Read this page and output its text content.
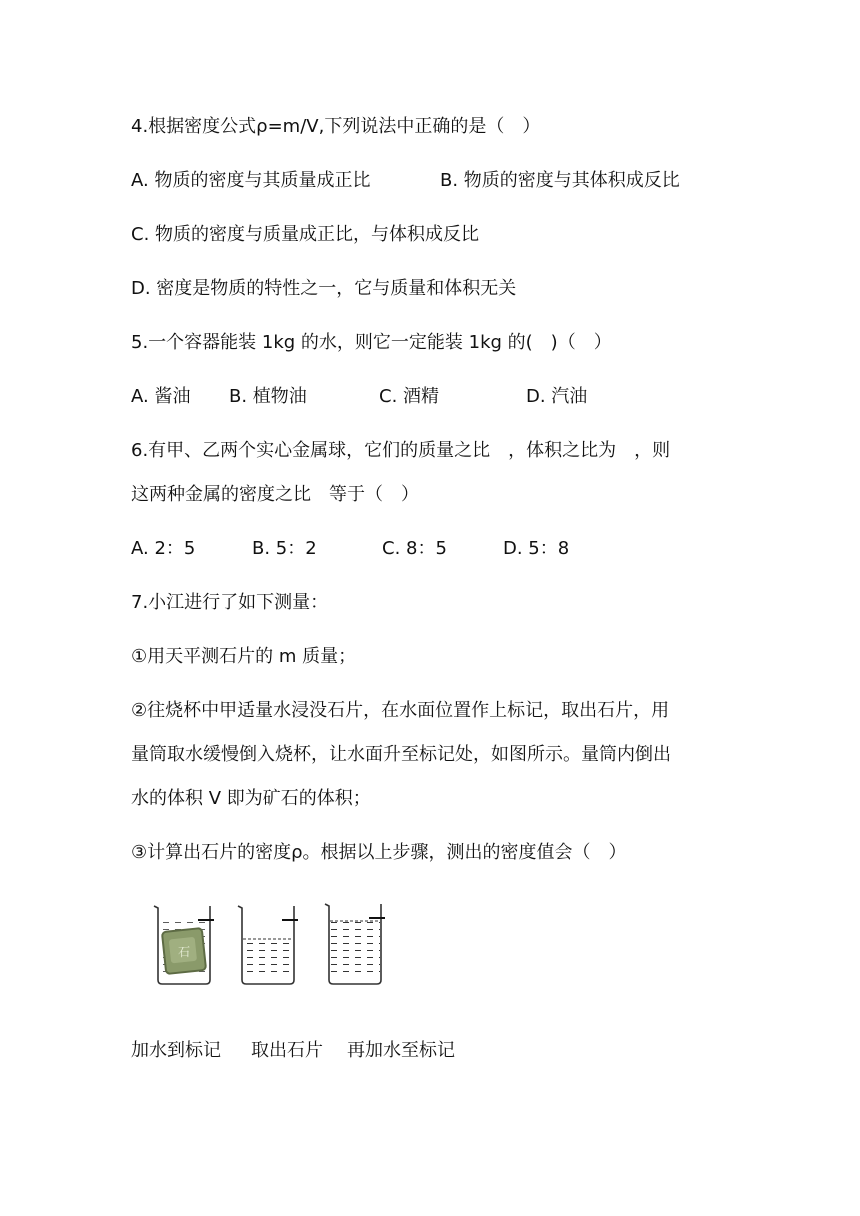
4.根据密度公式ρ=m/V,下列说法中正确的是（　）
A. 物质的密度与其质量成正比	B. 物质的密度与其体积成反比
C. 物质的密度与质量成正比，与体积成反比
D. 密度是物质的特性之一，它与质量和体积无关
5.一个容器能装 1kg 的水，则它一定能装 1kg 的(　)（　）
A. 酱油 B. 植物油	C. 酒精	D. 汽油
6.有甲、乙两个实心金属球，它们的质量之比　，体积之比为　，则
这两种金属的密度之比　等于（　）
A. 2：5	B. 5：2	C. 8：5	D. 5：8
7.小江进行了如下测量：
①用天平测石片的 m 质量；
②往烧杯中甲适量水浸没石片，在水面位置作上标记，取出石片，用
量筒取水缓慢倒入烧杯，让水面升至标记处，如图所示。量筒内倒出
水的体积 V 即为矿石的体积；
③计算出石片的密度ρ。根据以上步骤，测出的密度值会（　）
石
加水到标记 取出石片 再加水至标记
